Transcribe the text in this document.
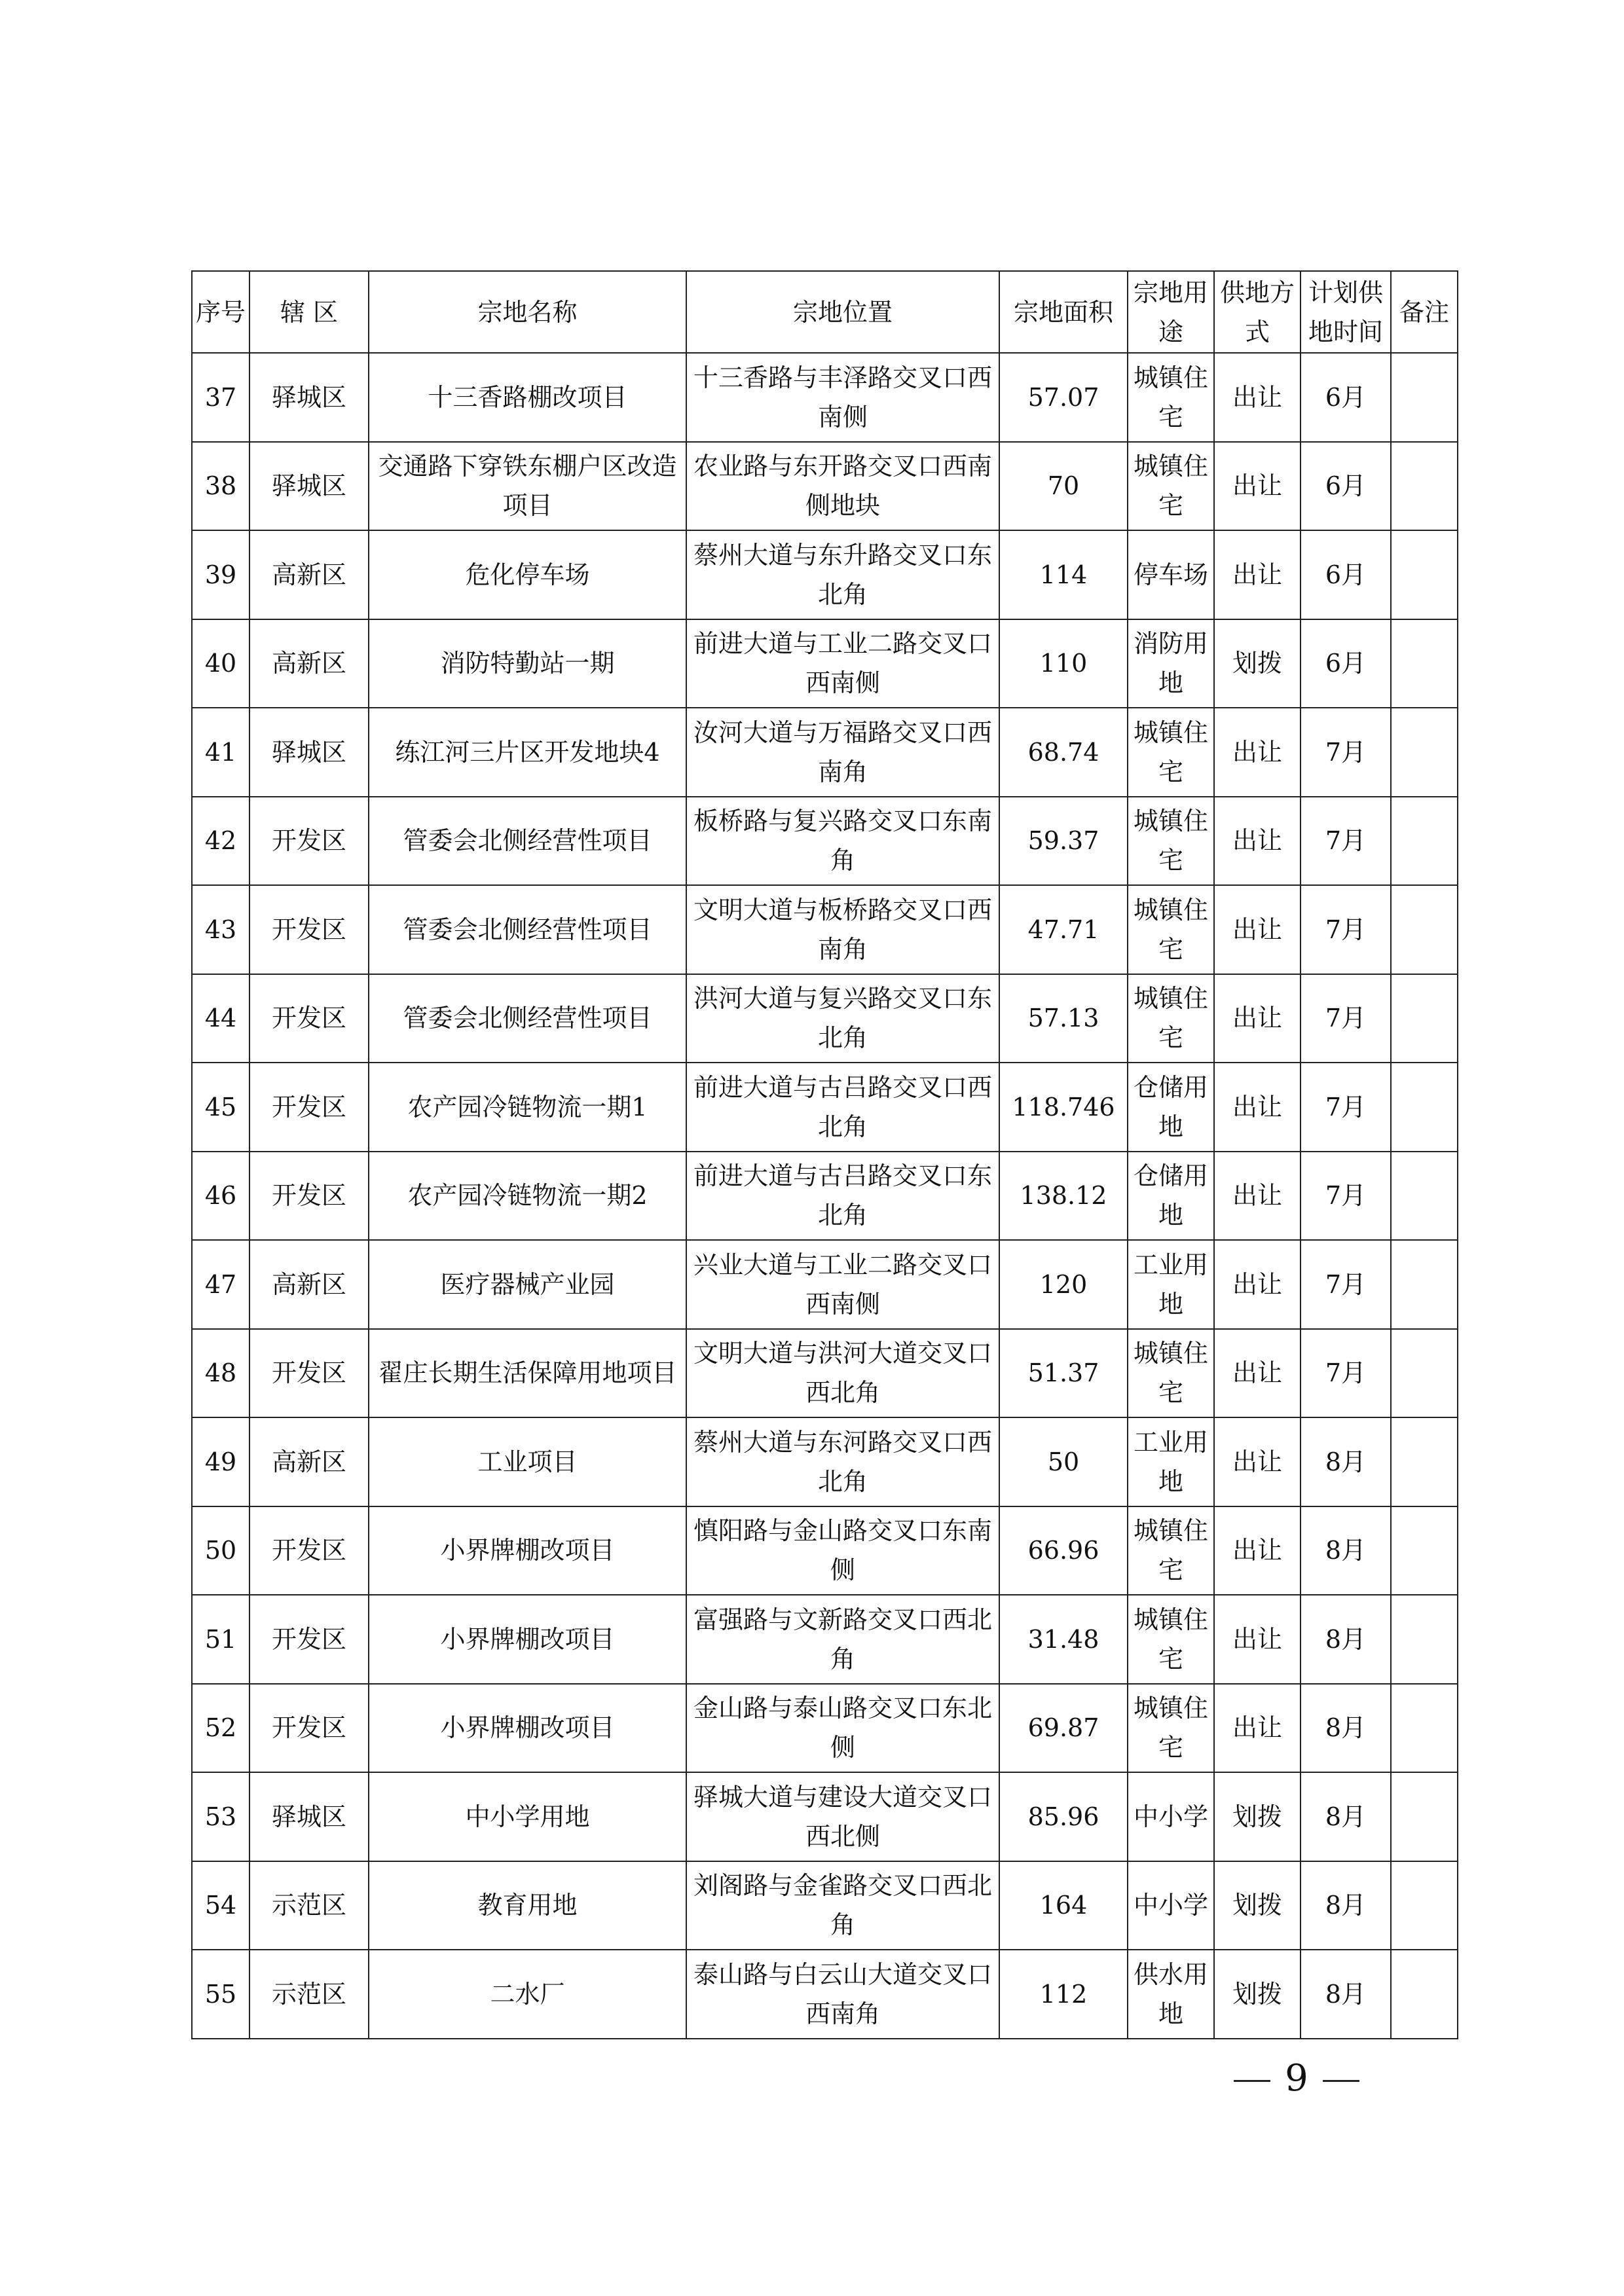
序号	辖 区	宗地名称	宗地位置	宗地面积	宗地用途	供地方式	计划供地时间	备注
37	驿城区	十三香路棚改项目	十三香路与丰泽路交叉口西南侧	57.07	城镇住宅	出让	6月	
38	驿城区	交通路下穿铁东棚户区改造项目	农业路与东开路交叉口西南侧地块	70	城镇住宅	出让	6月	
39	高新区	危化停车场	蔡州大道与东升路交叉口东北角	114	停车场	出让	6月	
40	高新区	消防特勤站一期	前进大道与工业二路交叉口西南侧	110	消防用地	划拨	6月	
41	驿城区	练江河三片区开发地块4	汝河大道与万福路交叉口西南角	68.74	城镇住宅	出让	7月	
42	开发区	管委会北侧经营性项目	板桥路与复兴路交叉口东南角	59.37	城镇住宅	出让	7月	
43	开发区	管委会北侧经营性项目	文明大道与板桥路交叉口西南角	47.71	城镇住宅	出让	7月	
44	开发区	管委会北侧经营性项目	洪河大道与复兴路交叉口东北角	57.13	城镇住宅	出让	7月	
45	开发区	农产园冷链物流一期1	前进大道与古吕路交叉口西北角	118.746	仓储用地	出让	7月	
46	开发区	农产园冷链物流一期2	前进大道与古吕路交叉口东北角	138.12	仓储用地	出让	7月	
47	高新区	医疗器械产业园	兴业大道与工业二路交叉口西南侧	120	工业用地	出让	7月	
48	开发区	翟庄长期生活保障用地项目	文明大道与洪河大道交叉口西北角	51.37	城镇住宅	出让	7月	
49	高新区	工业项目	蔡州大道与东河路交叉口西北角	50	工业用地	出让	8月	
50	开发区	小界牌棚改项目	慎阳路与金山路交叉口东南侧	66.96	城镇住宅	出让	8月	
51	开发区	小界牌棚改项目	富强路与文新路交叉口西北角	31.48	城镇住宅	出让	8月	
52	开发区	小界牌棚改项目	金山路与泰山路交叉口东北侧	69.87	城镇住宅	出让	8月	
53	驿城区	中小学用地	驿城大道与建设大道交叉口西北侧	85.96	中小学	划拨	8月	
54	示范区	教育用地	刘阁路与金雀路交叉口西北角	164	中小学	划拨	8月	
55	示范区	二水厂	泰山路与白云山大道交叉口西南角	112	供水用地	划拨	8月	
9
